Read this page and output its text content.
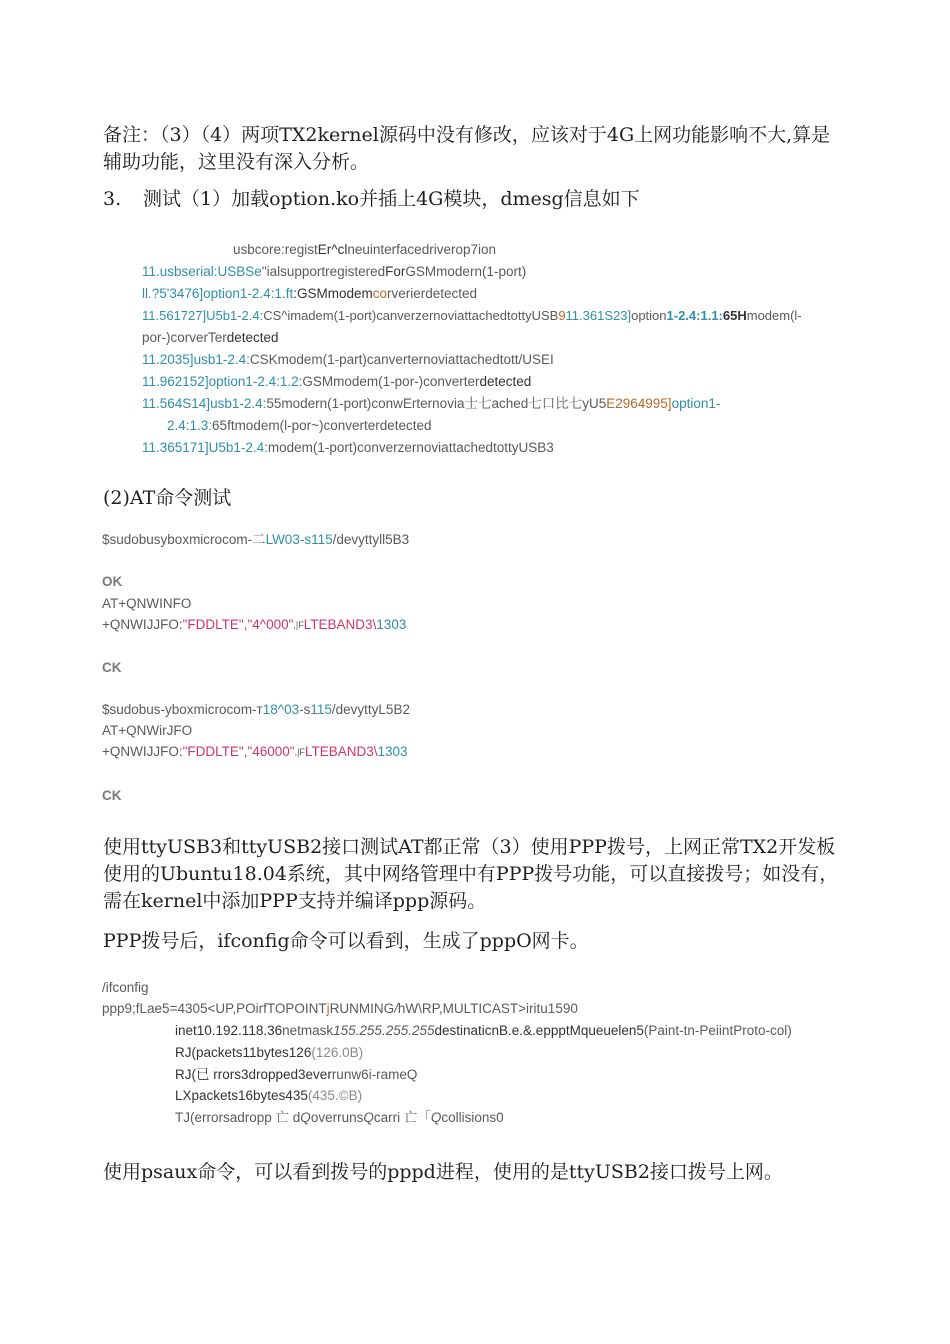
备注：（3）（4）两项TX2kernel源码中没有修改，应该对于4G上网功能影响不大,算是辅助功能，这里没有深入分析。
3. 测试（1）加载option.ko并插上4G模块，dmesg信息如下
usbcore:registEr^clneuinterfacedriverop7ion
11.usbserial:USBSe"ialsupportregisteredForGSMmodern(1-port)
ll.?5'3476]option1-2.4:1.ft:GSMmodemcorverierdetected
11.561727]U5b1-2.4:CS^imadem(1-port)canverzernoviattachedtottyUSB911.361S23]option1-2.4:1.1:65Hmodem(l-
por-)corverTerdetected
11.2035]usb1-2.4:CSKmodem(1-part)canverternoviattachedtott/USEI
11.962152]option1-2.4:1.2:GSMmodem(1-por-)converterdetected
11.564S14]usb1-2.4:55modern(1-port)conwErternovia士七ached七口比七yU5E2964995]option1-
2.4:1.3:65ftmodem(l-por~)converterdetected
11.365171]U5b1-2.4:modem(1-port)converzernoviattachedtottyUSB3
(2)AT命令测试
$sudobusyboxmicrocom-二LW03-s115/devyttyll5B3
OK
AT+QNWINFO
+QNWIJJFO:"FDDLTE","4^000"$^{,|F}$LTEBAND3\1303
CK
$sudobus-yboxmicrocom-т18^03-s115/devyttyL5B2
AT+QNWirJFO
+QNWIJJFO:"FDDLTE","46000"$^{,|F}$LTEBAND3\1303
CK
使用ttyUSB3和ttyUSB2接口测试AT都正常（3）使用PPP拨号，上网正常TX2开发板使用的Ubuntu18.04系统，其中网络管理中有PPP拨号功能，可以直接拨号；如没有，需在kernel中添加PPP支持并编译ppp源码。
PPP拨号后，ifconfig命令可以看到，生成了pppO网卡。
/ifconfig
ppp9;fLae5=4305<UP,POirfTOPOINTjRUNMING/hW\RP,MULTICAST>iritu1590
inet10.192.118.36netmask155.255.255.255destinaticnB.e.&.eppptMqueuelen5(Paint-tn-PeiintProto-col)
RJ(packets11bytes126(126.0B)
RJ(已 rrors3dropped3everrunw6i-rameQ
LXpackets16bytes435(435.©B)
TJ(errorsadropp 亡 dQoverrunsQcarri 亡「Qcollisions0
使用psaux命令，可以看到拨号的pppd进程，使用的是ttyUSB2接口拨号上网。
